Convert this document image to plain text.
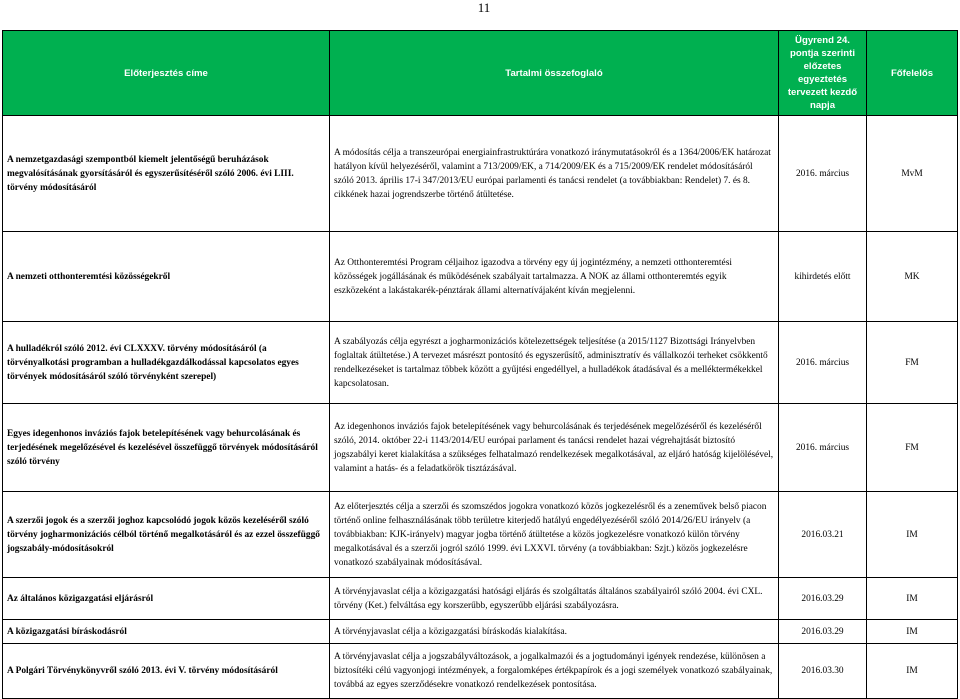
11
Előterjesztés címe	Tartalmi összefoglaló	Ügyrend 24. pontja szerinti előzetes egyeztetés tervezett kezdő napja	Főfelelős
A nemzetgazdasági szempontból kiemelt jelentőségű beruházások megvalósításának gyorsításáról és egyszerűsítéséről szóló 2006. évi LIII. törvény módosításáról	A módosítás célja a transzeurópai energiainfrastruktúrára vonatkozó iránymutatásokról és a 1364/2006/EK határozat hatályon kívül helyezéséről, valamint a 713/2009/EK, a 714/2009/EK és a 715/2009/EK rendelet módosításáról szóló 2013. április 17-i 347/2013/EU európai parlamenti és tanácsi rendelet (a továbbiakban: Rendelet) 7. és 8. cikkének hazai jogrendszerbe történő átültetése.	2016. március	MvM
A nemzeti otthonteremtési közösségekről	Az Otthonteremtési Program céljaihoz igazodva a törvény egy új jogintézmény, a nemzeti otthonteremtési közösségek jogállásának és működésének szabályait tartalmazza. A NOK az állami otthonteremtés egyik eszközeként a lakástakarék-pénztárak állami alternatívájaként kíván megjelenni.	kihirdetés előtt	MK
A hulladékról szóló 2012. évi CLXXXV. törvény módosításáról (a törvényalkotási programban a hulladékgazdálkodással kapcsolatos egyes törvények módosításáról szóló törvényként szerepel)	A szabályozás célja egyrészt a jogharmonizációs kötelezettségek teljesítése (a 2015/1127 Bizottsági Irányelvben foglaltak átültetése.) A tervezet másrészt pontosító és egyszerűsítő, adminisztratív és vállalkozói terheket csökkentő rendelkezéseket is tartalmaz többek között a gyűjtési engedéllyel, a hulladékok átadásával és a melléktermékekkel kapcsolatosan.	2016. március	FM
Egyes idegenhonos inváziós fajok betelepítésének vagy behurcolásának és terjedésének megelőzésével és kezelésével összefüggő törvények módosításáról szóló törvény	Az idegenhonos inváziós fajok betelepítésének vagy behurcolásának és terjedésének megelőzéséről és kezeléséről szóló, 2014. október 22-i 1143/2014/EU európai parlament és tanácsi rendelet hazai végrehajtását biztosító jogszabályi keret kialakítása a szükséges felhatalmazó rendelkezések megalkotásával, az eljáró hatóság kijelölésével, valamint a hatás- és a feladatkörök tisztázásával.	2016. március	FM
A szerzői jogok és a szerzői joghoz kapcsolódó jogok közös kezeléséről szóló törvény jogharmonizációs célból történő megalkotásáról és az ezzel összefüggő jogszabály-módosításokról	Az előterjesztés célja a szerzői és szomszédos jogokra vonatkozó közös jogkezelésről és a zeneművek belső piacon történő online felhasználásának több területre kiterjedő hatályú engedélyezéséről szóló 2014/26/EU irányelv (a továbbiakban: KJK-irányelv) magyar jogba történő átültetése a közös jogkezelésre vonatkozó külön törvény megalkotásával és a szerzői jogról szóló 1999. évi LXXVI. törvény (a továbbiakban: Szjt.) közös jogkezelésre vonatkozó szabályainak módosításával.	2016.03.21	IM
Az általános közigazgatási eljárásról	A törvényjavaslat célja a közigazgatási hatósági eljárás és szolgáltatás általános szabályairól szóló 2004. évi CXL. törvény (Ket.) felváltása egy korszerűbb, egyszerűbb eljárási szabályozásra.	2016.03.29	IM
A közigazgatási bíráskodásról	A törvényjavaslat célja a közigazgatási bíráskodás kialakítása.	2016.03.29	IM
A Polgári Törvénykönyvről szóló 2013. évi V. törvény módosításáról	A törvényjavaslat célja a jogszabályváltozások, a jogalkalmazói és a jogtudományi igények rendezése, különösen a biztosítéki célú vagyonjogi intézmények, a forgalomképes értékpapírok és a jogi személyek vonatkozó szabályainak, továbbá az egyes szerződésekre vonatkozó rendelkezések pontosítása.	2016.03.30	IM
